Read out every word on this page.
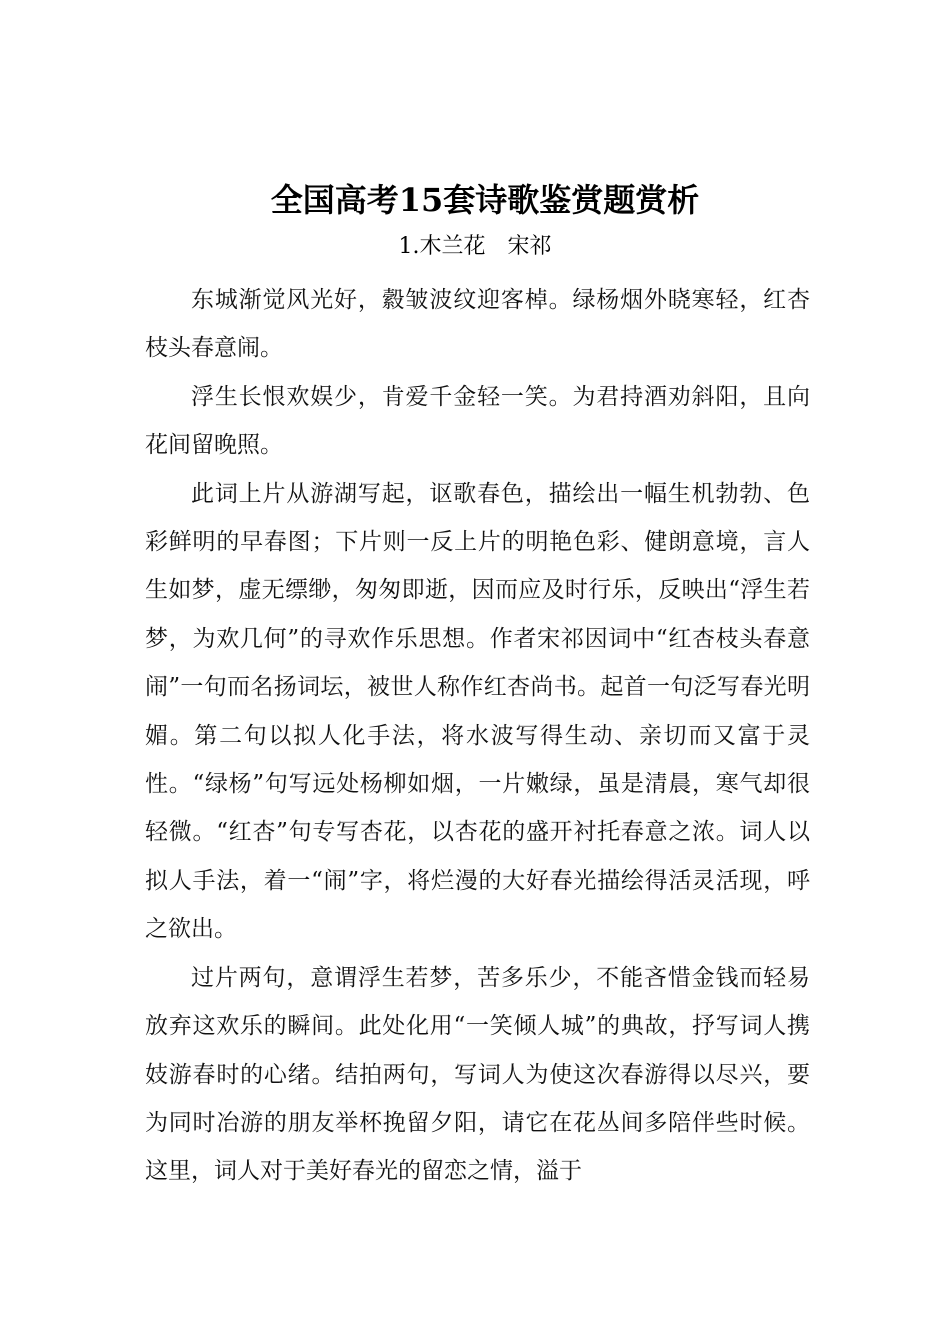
全国高考15套诗歌鉴赏题赏析
1.木兰花　宋祁

东城渐觉风光好，縠皱波纹迎客棹。绿杨烟外晓寒轻，红杏枝头春意闹。

浮生长恨欢娱少，肯爱千金轻一笑。为君持酒劝斜阳，且向花间留晚照。

此词上片从游湖写起，讴歌春色，描绘出一幅生机勃勃、色彩鲜明的早春图；下片则一反上片的明艳色彩、健朗意境，言人生如梦，虚无缥缈，匆匆即逝，因而应及时行乐，反映出“浮生若梦，为欢几何”的寻欢作乐思想。作者宋祁因词中“红杏枝头春意闹”一句而名扬词坛，被世人称作红杏尚书。起首一句泛写春光明媚。第二句以拟人化手法，将水波写得生动、亲切而又富于灵性。“绿杨”句写远处杨柳如烟，一片嫩绿，虽是清晨，寒气却很轻微。“红杏”句专写杏花，以杏花的盛开衬托春意之浓。词人以拟人手法，着一“闹”字，将烂漫的大好春光描绘得活灵活现，呼之欲出。

过片两句，意谓浮生若梦，苦多乐少，不能吝惜金钱而轻易放弃这欢乐的瞬间。此处化用“一笑倾人城”的典故，抒写词人携妓游春时的心绪。结拍两句，写词人为使这次春游得以尽兴，要为同时冶游的朋友举杯挽留夕阳，请它在花丛间多陪伴些时候。这里，词人对于美好春光的留恋之情，溢于
